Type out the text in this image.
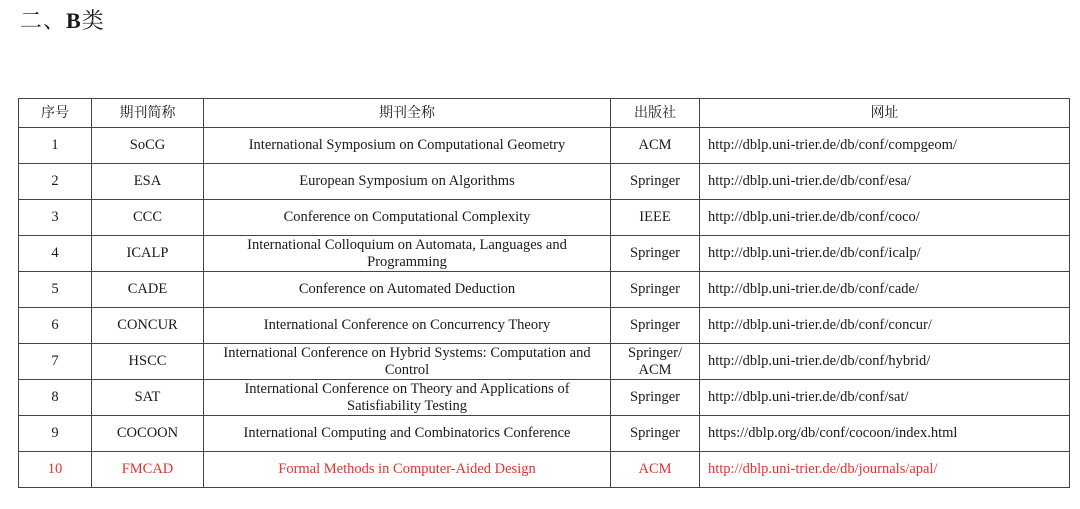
二、B类
序号	期刊简称	期刊全称	出版社	网址
1	SoCG	International Symposium on Computational Geometry	ACM	http://dblp.uni-trier.de/db/conf/compgeom/
2	ESA	European Symposium on Algorithms	Springer	http://dblp.uni-trier.de/db/conf/esa/
3	CCC	Conference on Computational Complexity	IEEE	http://dblp.uni-trier.de/db/conf/coco/
4	ICALP	International Colloquium on Automata, Languages and Programming	Springer	http://dblp.uni-trier.de/db/conf/icalp/
5	CADE	Conference on Automated Deduction	Springer	http://dblp.uni-trier.de/db/conf/cade/
6	CONCUR	International Conference on Concurrency Theory	Springer	http://dblp.uni-trier.de/db/conf/concur/
7	HSCC	International Conference on Hybrid Systems: Computation and Control	Springer/ ACM	http://dblp.uni-trier.de/db/conf/hybrid/
8	SAT	International Conference on Theory and Applications of Satisfiability Testing	Springer	http://dblp.uni-trier.de/db/conf/sat/
9	COCOON	International Computing and Combinatorics Conference	Springer	https://dblp.org/db/conf/cocoon/index.html
10	FMCAD	Formal Methods in Computer-Aided Design	ACM	http://dblp.uni-trier.de/db/journals/apal/
